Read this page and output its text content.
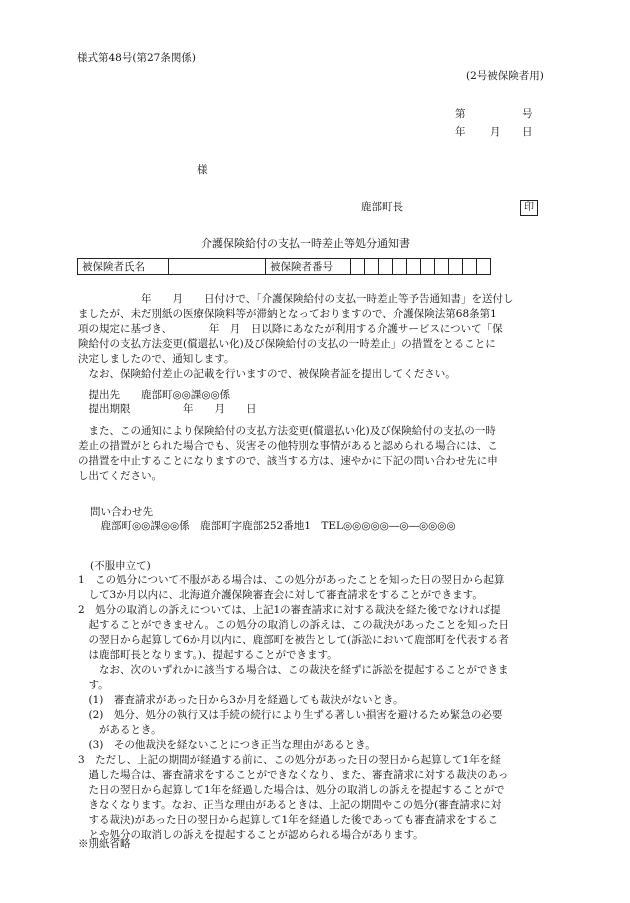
様式第48号(第27条関係)
(2号被保険者用)
第	号
年 月 日
様
鹿部町長	印
介護保険給付の支払一時差止等処分通知書
被保険者氏名		被保険者番号										
　　　　　　年　　月　　日付けで、「介護保険給付の支払一時差止等予告通知書」を送付し
ましたが、未だ別紙の医療保険料等が滞納となっておりますので、介護保険法第68条第1
項の規定に基づき、　　　　年　月　日以降にあなたが利用する介護サービスについて「保
険給付の支払方法変更(償還払い化)及び保険給付の支払の一時差止」の措置をとることに
決定しましたので、通知します。
　なお、保険給付差止の記載を行いますので、被保険者証を提出してください。
　提出先　　鹿部町◎◎課◎◎係
　提出期限　　　　　年　　月　　日
　また、この通知により保険給付の支払方法変更(償還払い化)及び保険給付の支払の一時
差止の措置がとられた場合でも、災害その他特別な事情があると認められる場合には、こ
の措置を中止することになりますので、該当する方は、速やかに下記の問い合わせ先に申
し出てください。
問い合わせ先
　鹿部町◎◎課◎◎係　鹿部町字鹿部252番地1　TEL◎◎◎◎◎―◎―◎◎◎◎
(不服申立て)
1　この処分について不服がある場合は、この処分があったことを知った日の翌日から起算
　して3か月以内に、北海道介護保険審査会に対して審査請求をすることができます。
2　処分の取消しの訴えについては、上記1の審査請求に対する裁決を経た後でなければ提
　起することができません。この処分の取消しの訴えは、この裁決があったことを知った日
　の翌日から起算して6か月以内に、鹿部町を被告として(訴訟において鹿部町を代表する者
　は鹿部町長となります。)、提起することができます。
　　なお、次のいずれかに該当する場合は、この裁決を経ずに訴訟を提起することができま
　す。
　(1)　審査請求があった日から3か月を経過しても裁決がないとき。
　(2)　処分、処分の執行又は手続の続行により生ずる著しい損害を避けるため緊急の必要
　　があるとき。
　(3)　その他裁決を経ないことにつき正当な理由があるとき。
3　ただし、上記の期間が経過する前に、この処分があった日の翌日から起算して1年を経
　過した場合は、審査請求をすることができなくなり、また、審査請求に対する裁決のあっ
　た日の翌日から起算して1年を経過した場合は、処分の取消しの訴えを提起することがで
　きなくなります。なお、正当な理由があるときは、上記の期間やこの処分(審査請求に対
　する裁決)があった日の翌日から起算して1年を経過した後であっても審査請求をするこ
　とや処分の取消しの訴えを提起することが認められる場合があります。
※別紙省略
